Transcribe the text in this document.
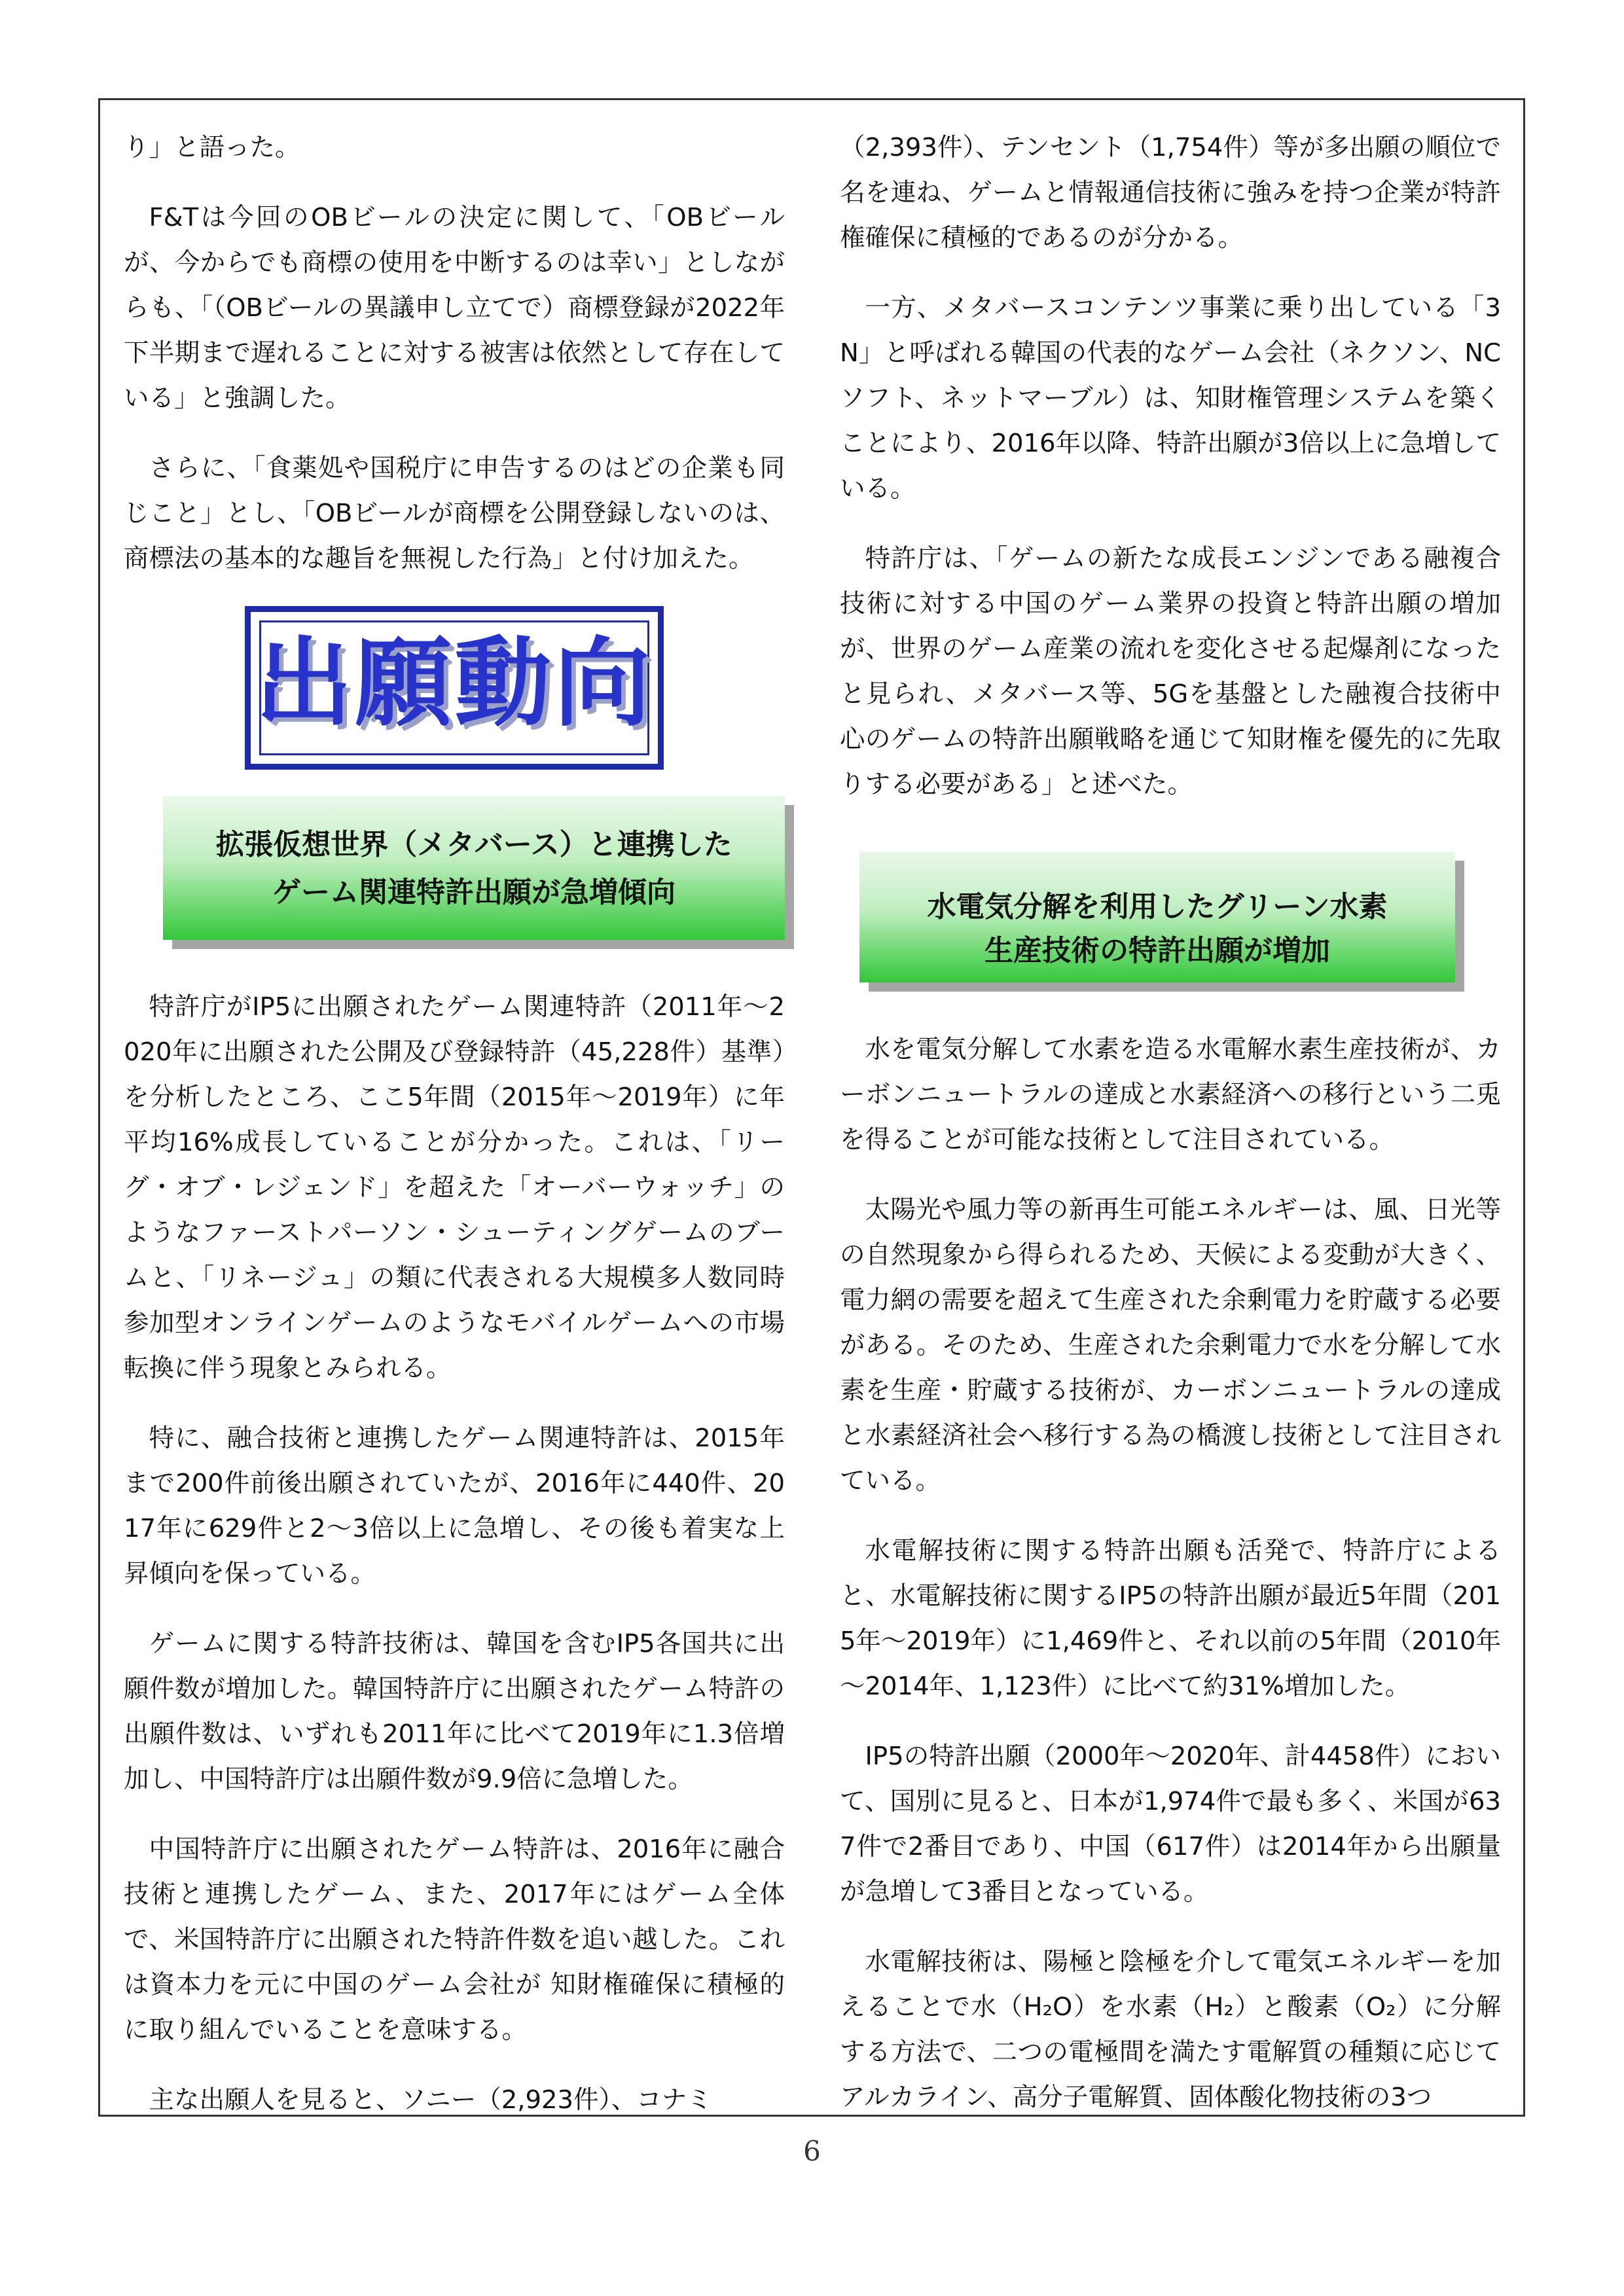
り」と語った。

F&Tは今回のOBビールの決定に関して、「OBビールが、今からでも商標の使用を中断するのは幸い」としながらも、「（OBビールの異議申し立てで）商標登録が2022年下半期まで遅れることに対する被害は依然として存在している」と強調した。

さらに、「食薬処や国税庁に申告するのはどの企業も同じこと」とし、「OBビールが商標を公開登録しないのは、商標法の基本的な趣旨を無視した行為」と付け加えた。

出願動向
拡張仮想世界（メタバース）と連携した
ゲーム関連特許出願が急増傾向

特許庁がIP5に出願されたゲーム関連特許（2011年～2020年に出願された公開及び登録特許（45,228件）基準）を分析したところ、ここ5年間（2015年～2019年）に年平均16%成長していることが分かった。これは、「リーグ・オブ・レジェンド」を超えた「オーバーウォッチ」のようなファーストパーソン・シューティングゲームのブームと、「リネージュ」の類に代表される大規模多人数同時参加型オンラインゲームのようなモバイルゲームへの市場転換に伴う現象とみられる。

特に、融合技術と連携したゲーム関連特許は、2015年まで200件前後出願されていたが、2016年に440件、2017年に629件と2～3倍以上に急増し、その後も着実な上昇傾向を保っている。

ゲームに関する特許技術は、韓国を含むIP5各国共に出願件数が増加した。韓国特許庁に出願されたゲーム特許の出願件数は、いずれも2011年に比べて2019年に1.3倍増加し、中国特許庁は出願件数が9.9倍に急増した。

中国特許庁に出願されたゲーム特許は、2016年に融合技術と連携したゲーム、また、2017年にはゲーム全体で、米国特許庁に出願された特許件数を追い越した。これは資本力を元に中国のゲーム会社が 知財権確保に積極的に取り組んでいることを意味する。

主な出願人を見ると、ソニー（2,923件）、コナミ

（2,393件）、テンセント（1,754件）等が多出願の順位で名を連ね、ゲームと情報通信技術に強みを持つ企業が特許権確保に積極的であるのが分かる。

一方、メタバースコンテンツ事業に乗り出している「3N」と呼ばれる韓国の代表的なゲーム会社（ネクソン、NCソフト、ネットマーブル）は、知財権管理システムを築くことにより、2016年以降、特許出願が3倍以上に急増している。

特許庁は、「ゲームの新たな成長エンジンである融複合技術に対する中国のゲーム業界の投資と特許出願の増加が、世界のゲーム産業の流れを変化させる起爆剤になったと見られ、メタバース等、5Gを基盤とした融複合技術中心のゲームの特許出願戦略を通じて知財権を優先的に先取りする必要がある」と述べた。

水電気分解を利用したグリーン水素
生産技術の特許出願が増加

水を電気分解して水素を造る水電解水素生産技術が、カーボンニュートラルの達成と水素経済への移行という二兎を得ることが可能な技術として注目されている。

太陽光や風力等の新再生可能エネルギーは、風、日光等の自然現象から得られるため、天候による変動が大きく、電力網の需要を超えて生産された余剰電力を貯蔵する必要がある。そのため、生産された余剰電力で水を分解して水素を生産・貯蔵する技術が、カーボンニュートラルの達成と水素経済社会へ移行する為の橋渡し技術として注目されている。

水電解技術に関する特許出願も活発で、特許庁によると、水電解技術に関するIP5の特許出願が最近5年間（2015年～2019年）に1,469件と、それ以前の5年間（2010年～2014年、1,123件）に比べて約31%増加した。

IP5の特許出願（2000年～2020年、計4458件）において、国別に見ると、日本が1,974件で最も多く、米国が637件で2番目であり、中国（617件）は2014年から出願量が急増して3番目となっている。

水電解技術は、陽極と陰極を介して電気エネルギーを加えることで水（H₂O）を水素（H₂）と酸素（O₂）に分解する方法で、二つの電極間を満たす電解質の種類に応じてアルカライン、高分子電解質、固体酸化物技術の3つ

6
